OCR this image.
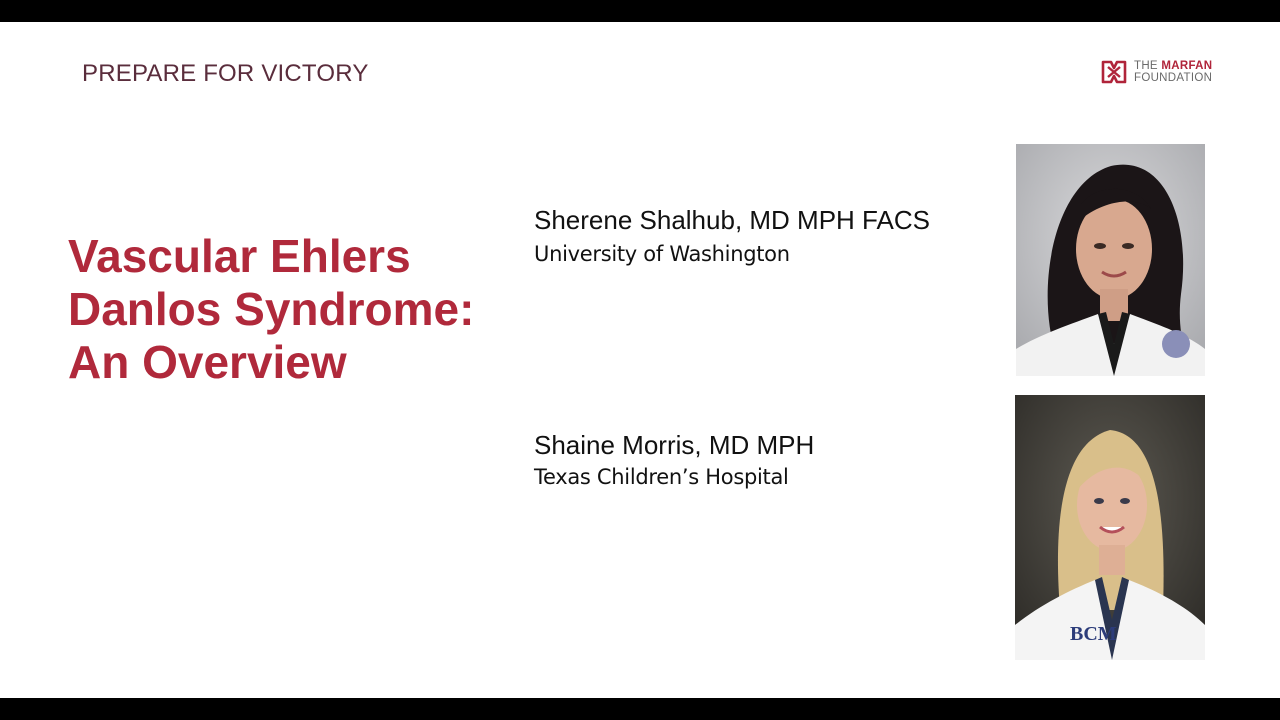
PREPARE FOR VICTORY	THE MARFAN
FOUNDATION
Vascular Ehlers
Danlos Syndrome:
An Overview
Sherene Shalhub, MD MPH FACS
University of Washington
Shaine Morris, MD MPH
Texas Children’s Hospital
BCM
